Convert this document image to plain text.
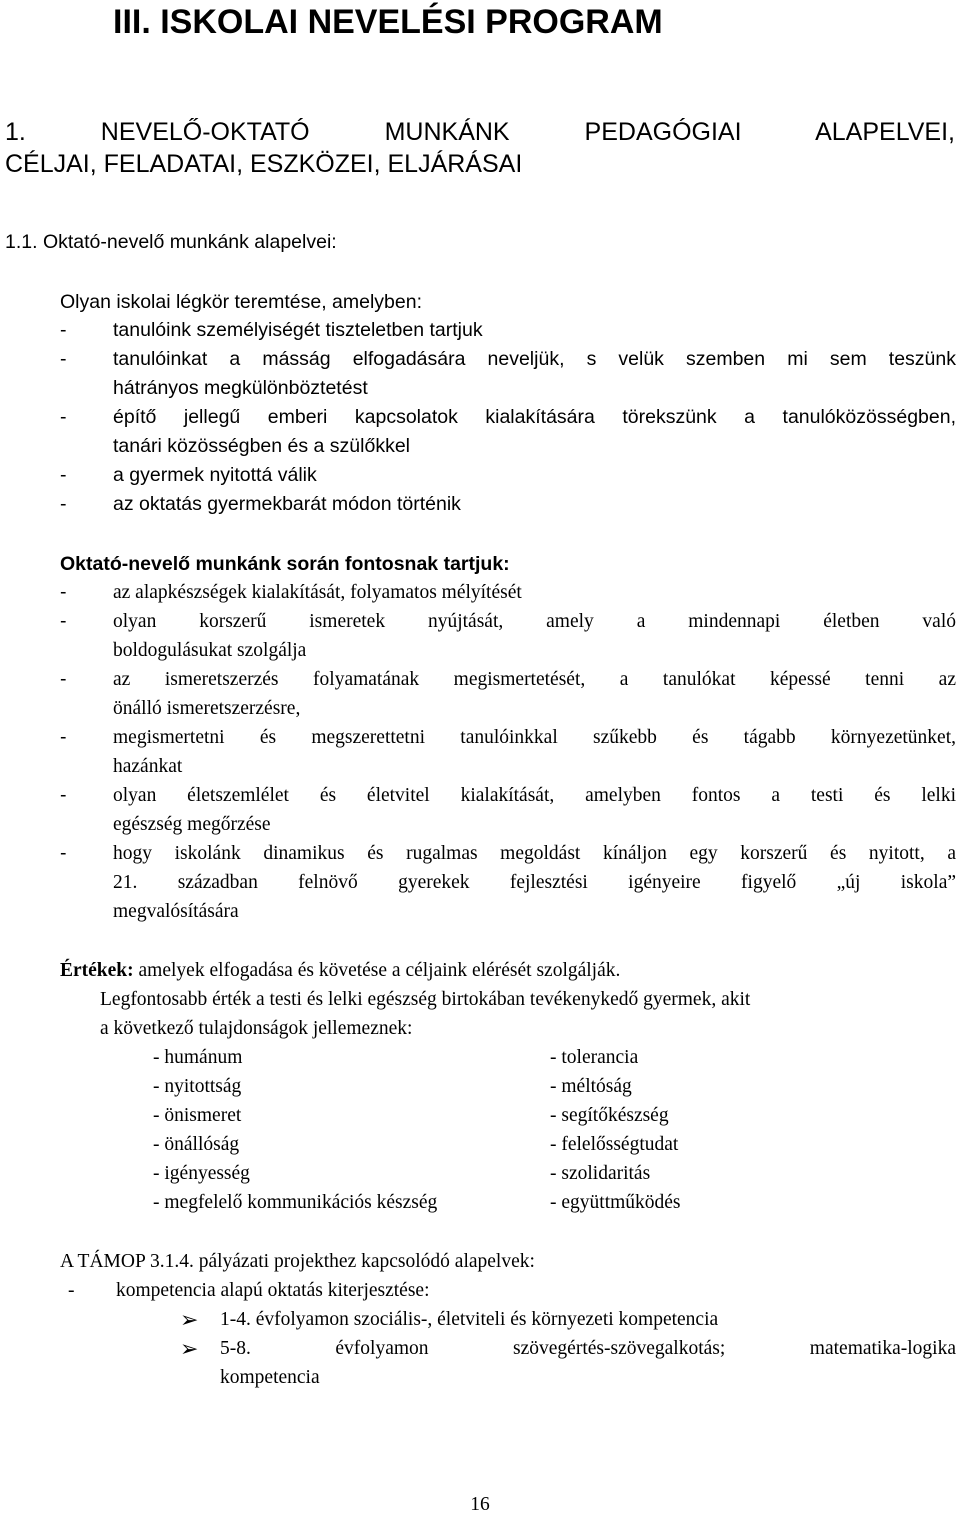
III. ISKOLAI NEVELÉSI PROGRAM
1. NEVELŐ-OKTATÓ MUNKÁNK PEDAGÓGIAI ALAPELVEI,
CÉLJAI, FELADATAI, ESZKÖZEI, ELJÁRÁSAI
1.1. Oktató-nevelő munkánk alapelvei:
Olyan iskolai légkör teremtése, amelyben:
- tanulóink személyiségét tiszteletben tartjuk
- tanulóinkat a másság elfogadására neveljük, s velük szemben mi sem teszünk
hátrányos megkülönböztetést
- építő jellegű emberi kapcsolatok kialakítására törekszünk a tanulóközösségben,
tanári közösségben és a szülőkkel
- a gyermek nyitottá válik
- az oktatás gyermekbarát módon történik
Oktató-nevelő munkánk során fontosnak tartjuk:
- az alapkészségek kialakítását, folyamatos mélyítését
- olyan korszerű ismeretek nyújtását, amely a mindennapi életben való
boldogulásukat szolgálja
- az ismeretszerzés folyamatának megismertetését, a tanulókat képessé tenni az
önálló ismeretszerzésre,
- megismertetni és megszerettetni tanulóinkkal szűkebb és tágabb környezetünket,
hazánkat
- olyan életszemlélet és életvitel kialakítását, amelyben fontos a testi és lelki
egészség megőrzése
- hogy iskolánk dinamikus és rugalmas megoldást kínáljon egy korszerű és nyitott, a
21. században felnövő gyerekek fejlesztési igényeire figyelő „új iskola”
megvalósítására
Értékek: amelyek elfogadása és követése a céljaink elérését szolgálják.
Legfontosabb érték a testi és lelki egészség birtokában tevékenykedő gyermek, akit
a következő tulajdonságok jellemeznek:
- humánum
- nyitottság
- önismeret
- önállóság
- igényesség
- megfelelő kommunikációs készség
- tolerancia
- méltóság
- segítőkészség
- felelősségtudat
- szolidaritás
- együttműködés
A TÁMOP 3.1.4. pályázati projekthez kapcsolódó alapelvek:
- kompetencia alapú oktatás kiterjesztése:
➢ 1-4. évfolyamon szociális-, életviteli és környezeti kompetencia
➢ 5-8. évfolyamon szövegértés-szövegalkotás; matematika-logika
kompetencia
16
